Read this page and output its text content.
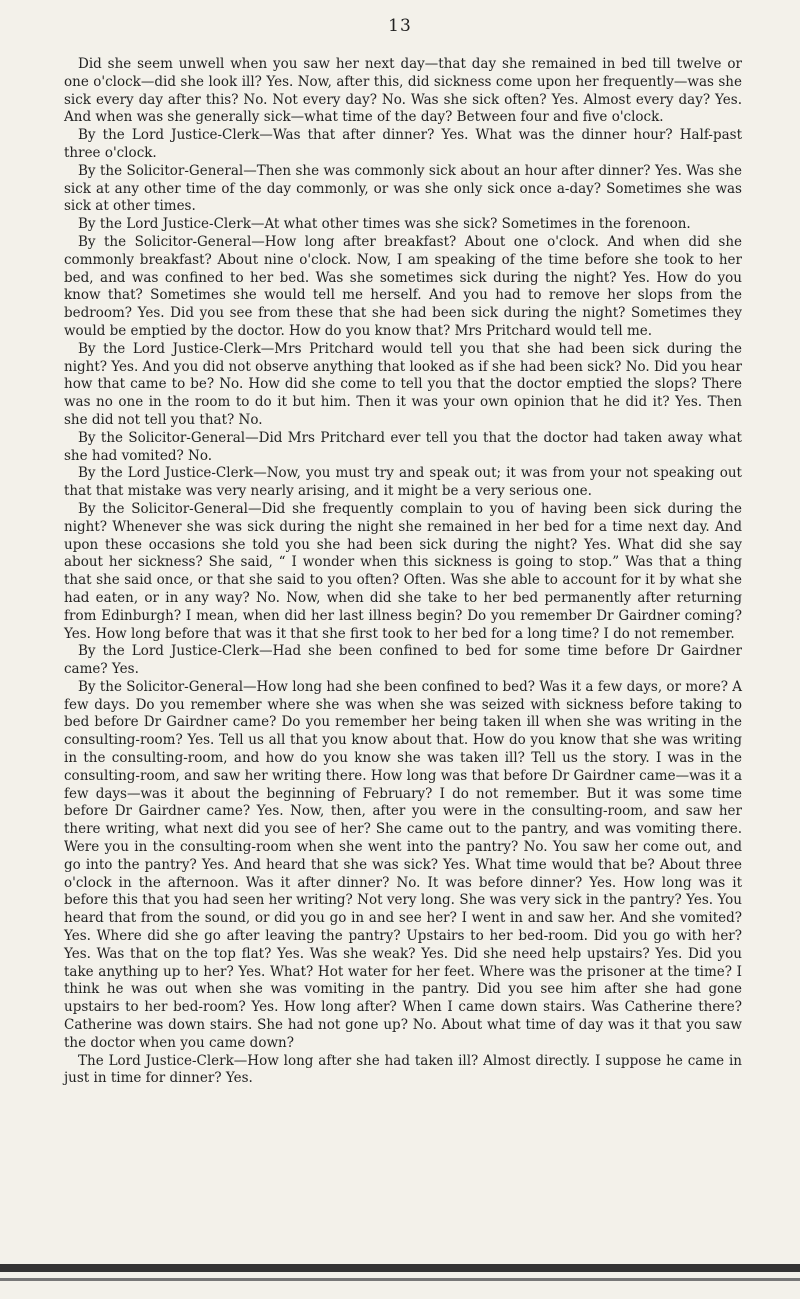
13

Did she seem unwell when you saw her next day—that day she remained in bed till twelve or one o'clock—did she look ill? Yes. Now, after this, did sickness come upon her frequently—was she sick every day after this? No. Not every day? No. Was she sick often? Yes. Almost every day? Yes. And when was she generally sick—what time of the day? Between four and five o'clock.

By the Lord Justice-Clerk—Was that after dinner? Yes. What was the dinner hour? Half-past three o'clock.

By the Solicitor-General—Then she was commonly sick about an hour after dinner? Yes. Was she sick at any other time of the day commonly, or was she only sick once a-day? Sometimes she was sick at other times.

By the Lord Justice-Clerk—At what other times was she sick? Sometimes in the forenoon.

By the Solicitor-General—How long after breakfast? About one o'clock. And when did she commonly breakfast? About nine o'clock. Now, I am speaking of the time before she took to her bed, and was confined to her bed. Was she sometimes sick during the night? Yes. How do you know that? Sometimes she would tell me herself. And you had to remove her slops from the bedroom? Yes. Did you see from these that she had been sick during the night? Sometimes they would be emptied by the doctor. How do you know that? Mrs Pritchard would tell me.

By the Lord Justice-Clerk—Mrs Pritchard would tell you that she had been sick during the night? Yes. And you did not observe anything that looked as if she had been sick? No. Did you hear how that came to be? No. How did she come to tell you that the doctor emptied the slops? There was no one in the room to do it but him. Then it was your own opinion that he did it? Yes. Then she did not tell you that? No.

By the Solicitor-General—Did Mrs Pritchard ever tell you that the doctor had taken away what she had vomited? No.

By the Lord Justice-Clerk—Now, you must try and speak out; it was from your not speaking out that that mistake was very nearly arising, and it might be a very serious one.

By the Solicitor-General—Did she frequently complain to you of having been sick during the night? Whenever she was sick during the night she remained in her bed for a time next day. And upon these occasions she told you she had been sick during the night? Yes. What did she say about her sickness? She said, “ I wonder when this sickness is going to stop.” Was that a thing that she said once, or that she said to you often? Often. Was she able to account for it by what she had eaten, or in any way? No. Now, when did she take to her bed permanently after returning from Edinburgh? I mean, when did her last illness begin? Do you remember Dr Gairdner coming? Yes. How long before that was it that she first took to her bed for a long time? I do not remember.

By the Lord Justice-Clerk—Had she been confined to bed for some time before Dr Gairdner came? Yes.

By the Solicitor-General—How long had she been confined to bed? Was it a few days, or more? A few days. Do you remember where she was when she was seized with sickness before taking to bed before Dr Gairdner came? Do you remember her being taken ill when she was writing in the consulting-room? Yes. Tell us all that you know about that. How do you know that she was writing in the consulting-room, and how do you know she was taken ill? Tell us the story. I was in the consulting-room, and saw her writing there. How long was that before Dr Gairdner came—was it a few days—was it about the beginning of February? I do not remember. But it was some time before Dr Gairdner came? Yes. Now, then, after you were in the consulting-room, and saw her there writing, what next did you see of her? She came out to the pantry, and was vomiting there. Were you in the consulting-room when she went into the pantry? No. You saw her come out, and go into the pantry? Yes. And heard that she was sick? Yes. What time would that be? About three o'clock in the afternoon. Was it after dinner? No. It was before dinner? Yes. How long was it before this that you had seen her writing? Not very long. She was very sick in the pantry? Yes. You heard that from the sound, or did you go in and see her? I went in and saw her. And she vomited? Yes. Where did she go after leaving the pantry? Upstairs to her bed-room. Did you go with her? Yes. Was that on the top flat? Yes. Was she weak? Yes. Did she need help upstairs? Yes. Did you take anything up to her? Yes. What? Hot water for her feet. Where was the prisoner at the time? I think he was out when she was vomiting in the pantry. Did you see him after she had gone upstairs to her bed-room? Yes. How long after? When I came down stairs. Was Catherine there? Catherine was down stairs. She had not gone up? No. About what time of day was it that you saw the doctor when you came down?

The Lord Justice-Clerk—How long after she had taken ill? Almost directly. I suppose he came in just in time for dinner? Yes.
